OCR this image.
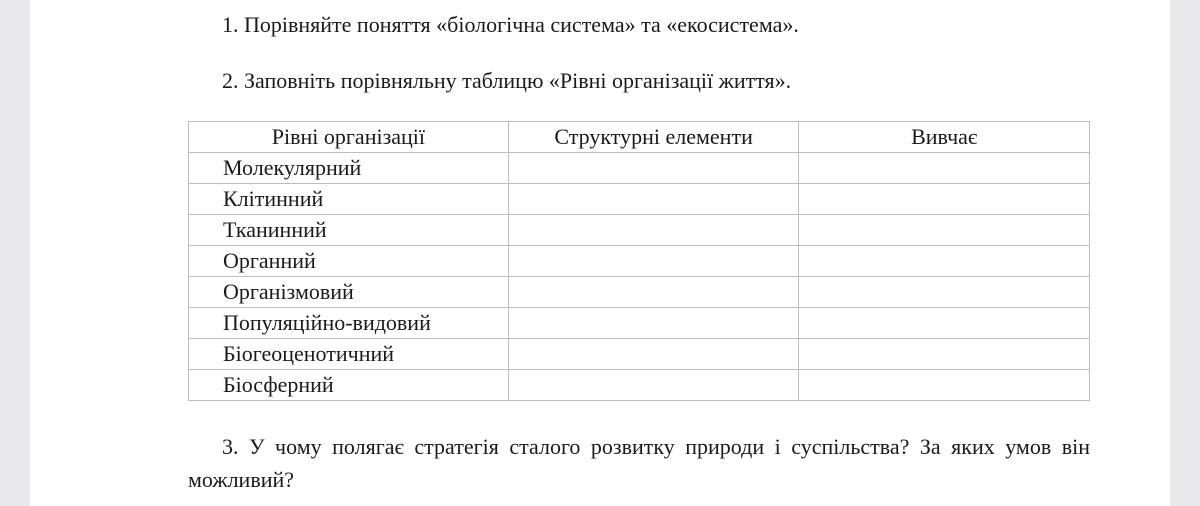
1. Порівняйте поняття «біологічна система» та «екосистема».

2. Заповніть порівняльну таблицю «Рівні організації життя».

Рівні організації	Структурні елементи	Вивчає
Молекулярний		
Клітинний		
Тканинний		
Органний		
Організмовий		
Популяційно-видовий		
Біогеоценотичний		
Біосферний		

3. У чому полягає стратегія сталого розвитку природи і суспільства? За яких умов він можливий?
